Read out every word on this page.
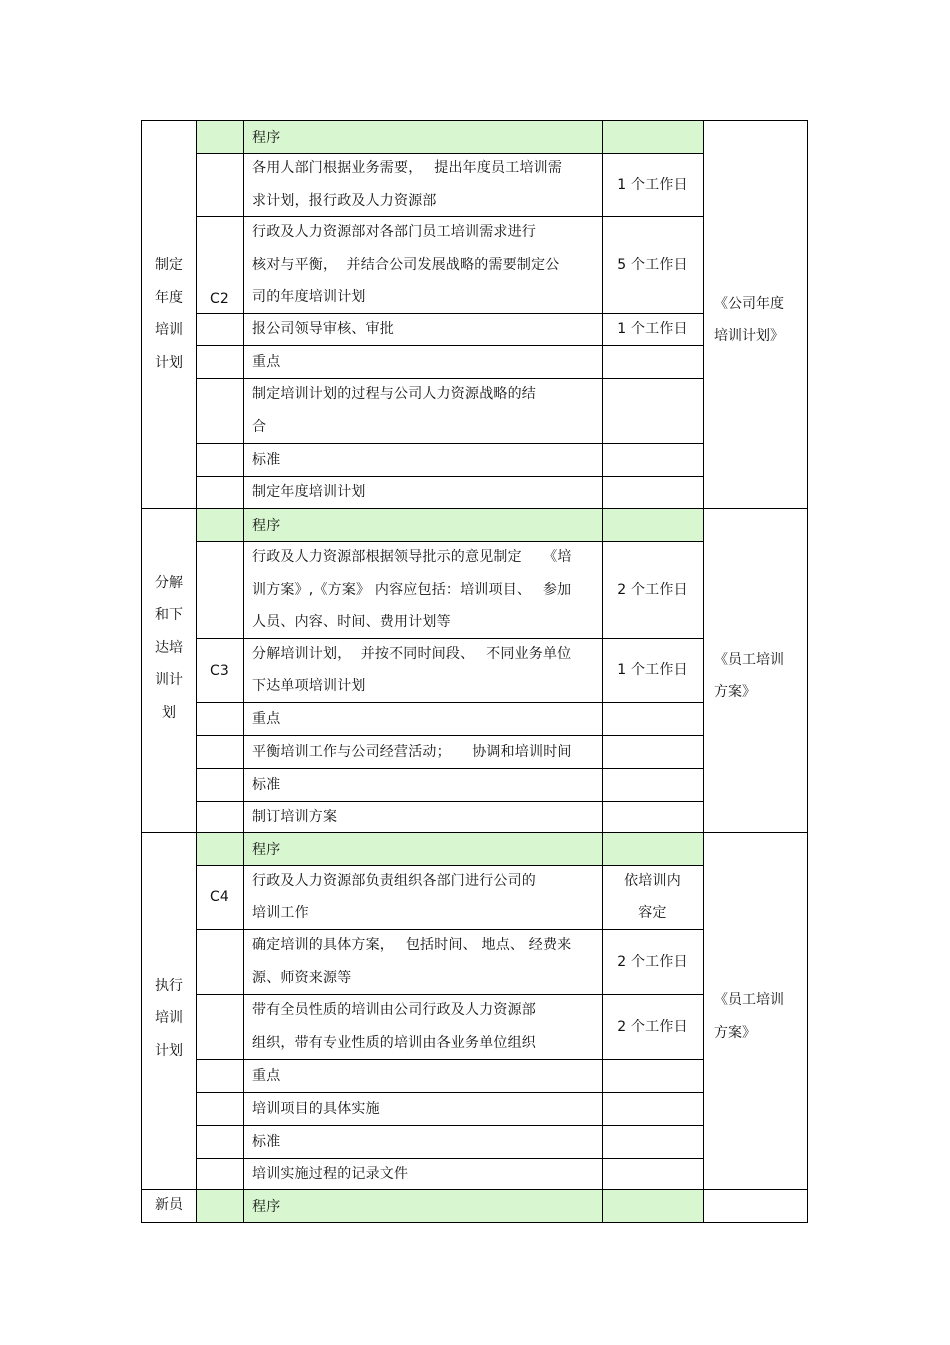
程序
各用人部门根据业务需要，　 提出年度员工培训需
求计划，报行政及人力资源部
1 个工作日
行政及人力资源部对各部门员工培训需求进行
核对与平衡，  并结合公司发展战略的需要制定公
司的年度培训计划
5 个工作日
报公司领导审核、审批	1 个工作日
重点
制定培训计划的过程与公司人力资源战略的结
合
标准
制定年度培训计划
C2
制定
年度
培训
计划
《公司年度
培训计划》
程序
行政及人力资源部根据领导批示的意见制定　　《培
训方案》,《方案》 内容应包括：培训项目、　 参加
人员、内容、时间、费用计划等
2 个工作日
分解培训计划，  并按不同时间段、　 不同业务单位
下达单项培训计划
1 个工作日
重点
平衡培训工作与公司经营活动；　　协调和培训时间
标准
制订培训方案
C3
分解
和下
达培
训计
划
《员工培训
方案》
程序
行政及人力资源部负责组织各部门进行公司的
培训工作
依培训内
容定
确定培训的具体方案，　 包括时间、 地点、 经费来
源、师资来源等
2 个工作日
带有全员性质的培训由公司行政及人力资源部
组织，带有专业性质的培训由各业务单位组织
2 个工作日
重点
培训项目的具体实施
标准
培训实施过程的记录文件
C4
执行
培训
计划
《员工培训
方案》
程序
新员
